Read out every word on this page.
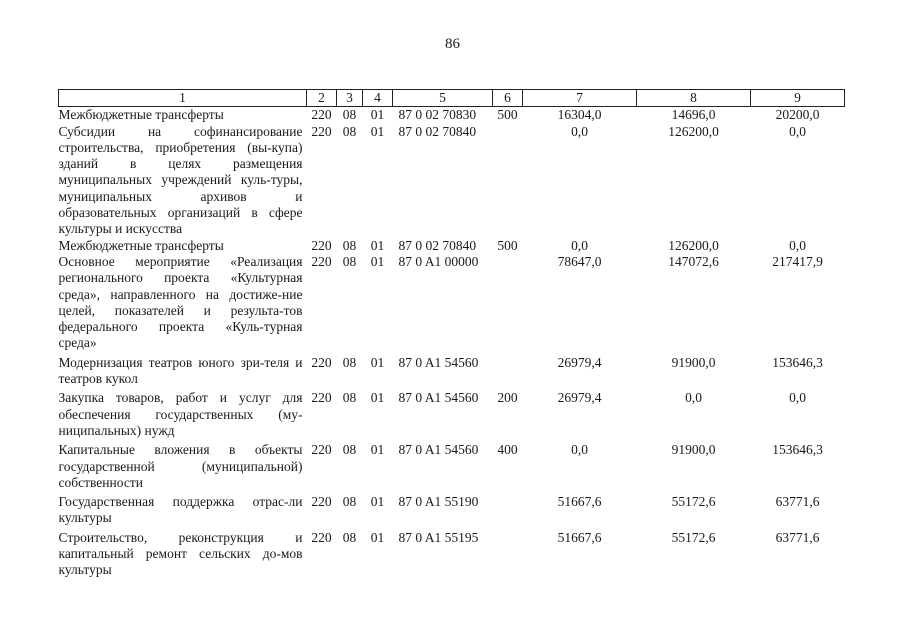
86
1	2	3	4	5	6	7	8	9
Межбюджетные трансферты	220	08	01	87 0 02 70830	500	16304,0	14696,0	20200,0
Субсидии на софинансирование строительства, приобретения (вы-купа) зданий в целях размещения муниципальных учреждений куль-туры, муниципальных архивов и образовательных организаций в сфере культуры и искусства	220	08	01	87 0 02 70840		0,0	126200,0	0,0
Межбюджетные трансферты	220	08	01	87 0 02 70840	500	0,0	126200,0	0,0
Основное мероприятие «Реализация регионального проекта «Культурная среда», направленного на достиже-ние целей, показателей и результа-тов федерального проекта «Куль-турная среда»	220	08	01	87 0 A1 00000		78647,0	147072,6	217417,9
Модернизация театров юного зри-теля и театров кукол	220	08	01	87 0 A1 54560		26979,4	91900,0	153646,3
Закупка товаров, работ и услуг для обеспечения государственных (му-ниципальных) нужд	220	08	01	87 0 A1 54560	200	26979,4	0,0	0,0
Капитальные вложения в объекты государственной (муниципальной) собственности	220	08	01	87 0 A1 54560	400	0,0	91900,0	153646,3
Государственная поддержка отрас-ли культуры	220	08	01	87 0 A1 55190		51667,6	55172,6	63771,6
Строительство, реконструкция и капитальный ремонт сельских до-мов культуры	220	08	01	87 0 A1 55195		51667,6	55172,6	63771,6
